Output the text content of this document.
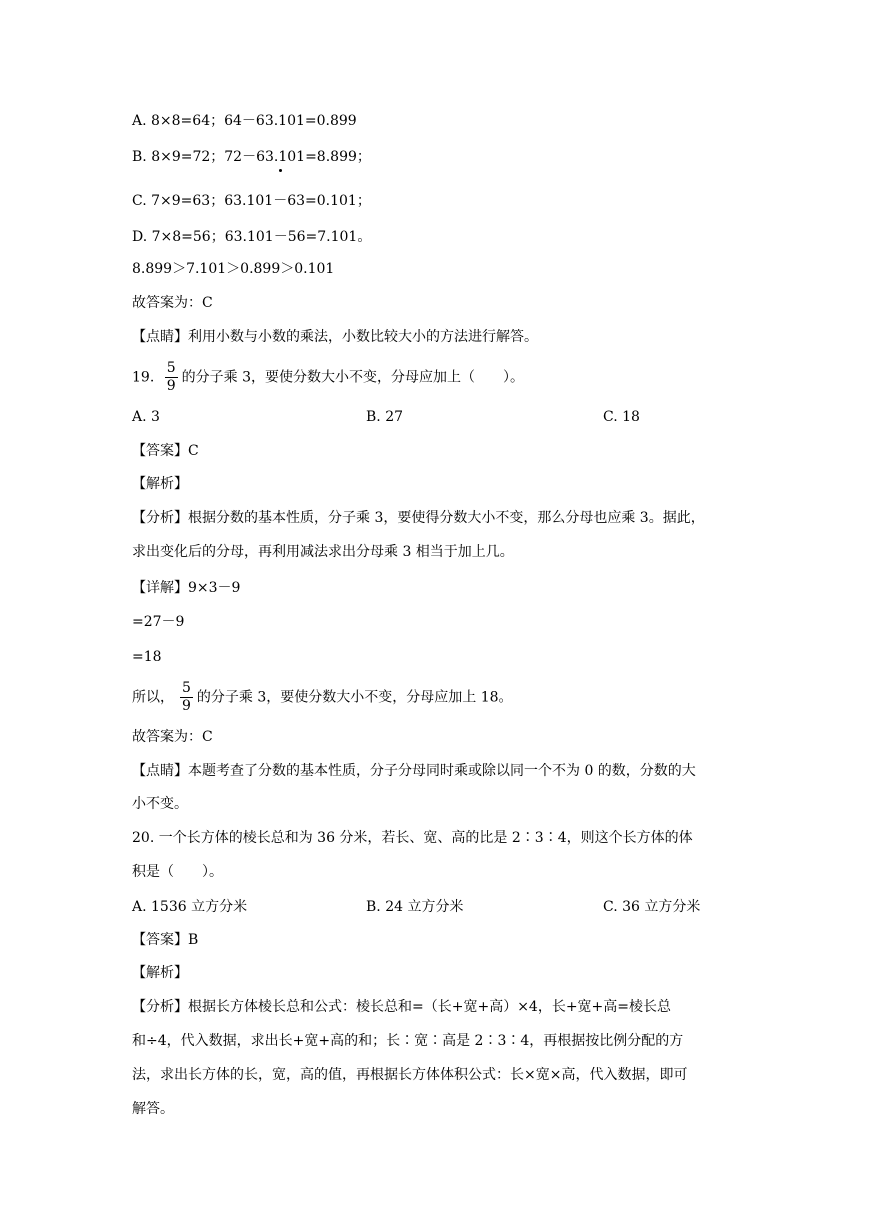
A. 8×8=64；64－63.101=0.899
B. 8×9=72；72－63.101=8.899；
C. 7×9=63；63.101－63=0.101；
D. 7×8=56；63.101－56=7.101。
8.899＞7.101＞0.899＞0.101
故答案为：C
【点睛】利用小数与小数的乘法，小数比较大小的方法进行解答。
19. $\frac{5}{9}$ 的分子乘 3，要使分数大小不变，分母应加上（　　）。
A. 3	B. 27	C. 18
【答案】C
【解析】
【分析】根据分数的基本性质，分子乘 3，要使得分数大小不变，那么分母也应乘 3。据此，
求出变化后的分母，再利用减法求出分母乘 3 相当于加上几。
【详解】9×3－9
=27－9
=18
所以， $\frac{5}{9}$ 的分子乘 3，要使分数大小不变，分母应加上 18。
故答案为：C
【点睛】本题考查了分数的基本性质，分子分母同时乘或除以同一个不为 0 的数，分数的大
小不变。
20. 一个长方体的棱长总和为 36 分米，若长、宽、高的比是 2∶3∶4，则这个长方体的体
积是（　　）。
A. 1536 立方分米	B. 24 立方分米	C. 36 立方分米
【答案】B
【解析】
【分析】根据长方体棱长总和公式：棱长总和=（长+宽+高）×4，长+宽+高=棱长总
和÷4，代入数据，求出长+宽+高的和；长∶宽∶高是 2∶3∶4，再根据按比例分配的方
法，求出长方体的长，宽，高的值，再根据长方体体积公式：长×宽×高，代入数据，即可
解答。
